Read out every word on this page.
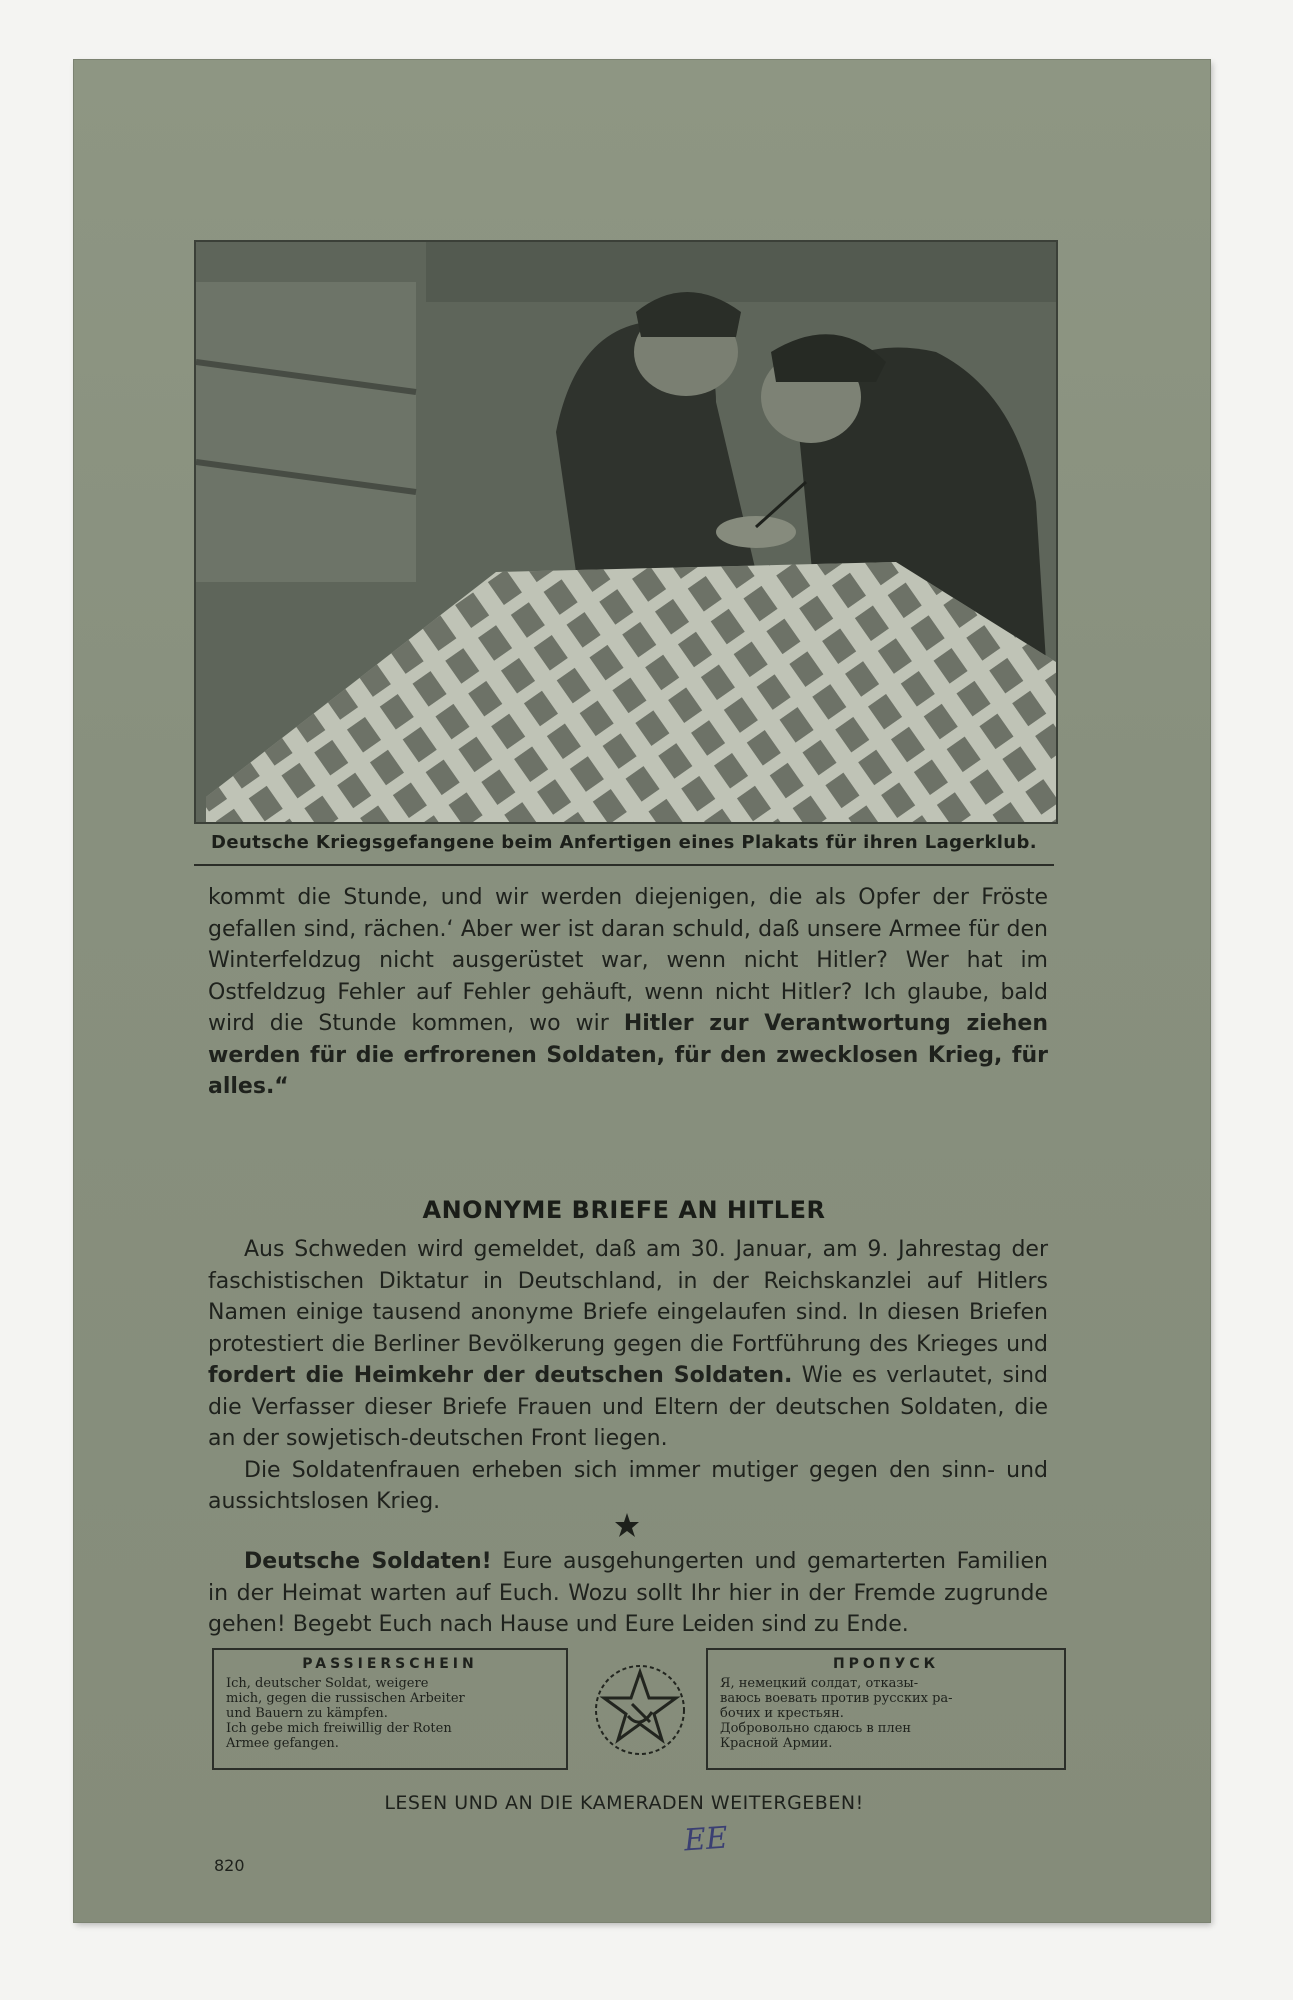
Deutsche Kriegsgefangene beim Anfertigen eines Plakats für ihren Lagerklub.
kommt die Stunde, und wir werden diejenigen, die als Opfer der Fröste gefallen sind, rächen.‘ Aber wer ist daran schuld, daß unsere Armee für den Winterfeldzug nicht ausgerüstet war, wenn nicht Hitler? Wer hat im Ostfeldzug Fehler auf Fehler gehäuft, wenn nicht Hitler? Ich glaube, bald wird die Stunde kommen, wo wir Hitler zur Verantwortung ziehen werden für die erfrorenen Soldaten, für den zwecklosen Krieg, für alles.“
ANONYME BRIEFE AN HITLER

Aus Schweden wird gemeldet, daß am 30. Januar, am 9. Jahrestag der faschistischen Diktatur in Deutschland, in der Reichskanzlei auf Hitlers Namen einige tausend anonyme Briefe eingelaufen sind. In diesen Briefen protestiert die Berliner Bevölkerung gegen die Fortführung des Krieges und fordert die Heimkehr der deutschen Soldaten. Wie es verlautet, sind die Verfasser dieser Briefe Frauen und Eltern der deutschen Soldaten, die an der sowjetisch-deutschen Front liegen.

Die Soldatenfrauen erheben sich immer mutiger gegen den sinn- und aussichtslosen Krieg.

Deutsche Soldaten! Eure ausgehungerten und gemarterten Familien in der Heimat warten auf Euch. Wozu sollt Ihr hier in der Fremde zugrunde gehen! Begebt Euch nach Hause und Eure Leiden sind zu Ende.

PASSIERSCHEIN

Ich, deutscher Soldat, weigere

mich, gegen die russischen Arbeiter

und Bauern zu kämpfen.

Ich gebe mich freiwillig der Roten

Armee gefangen.

ПРОПУСК

Я, немецкий солдат, отказы-

ваюсь воевать против русских ра-

бочих и крестьян.

Добровольно сдаюсь в плен

Красной Армии.

LESEN UND AN DIE KAMERADEN WEITERGEBEN!
820
ЕЕ
